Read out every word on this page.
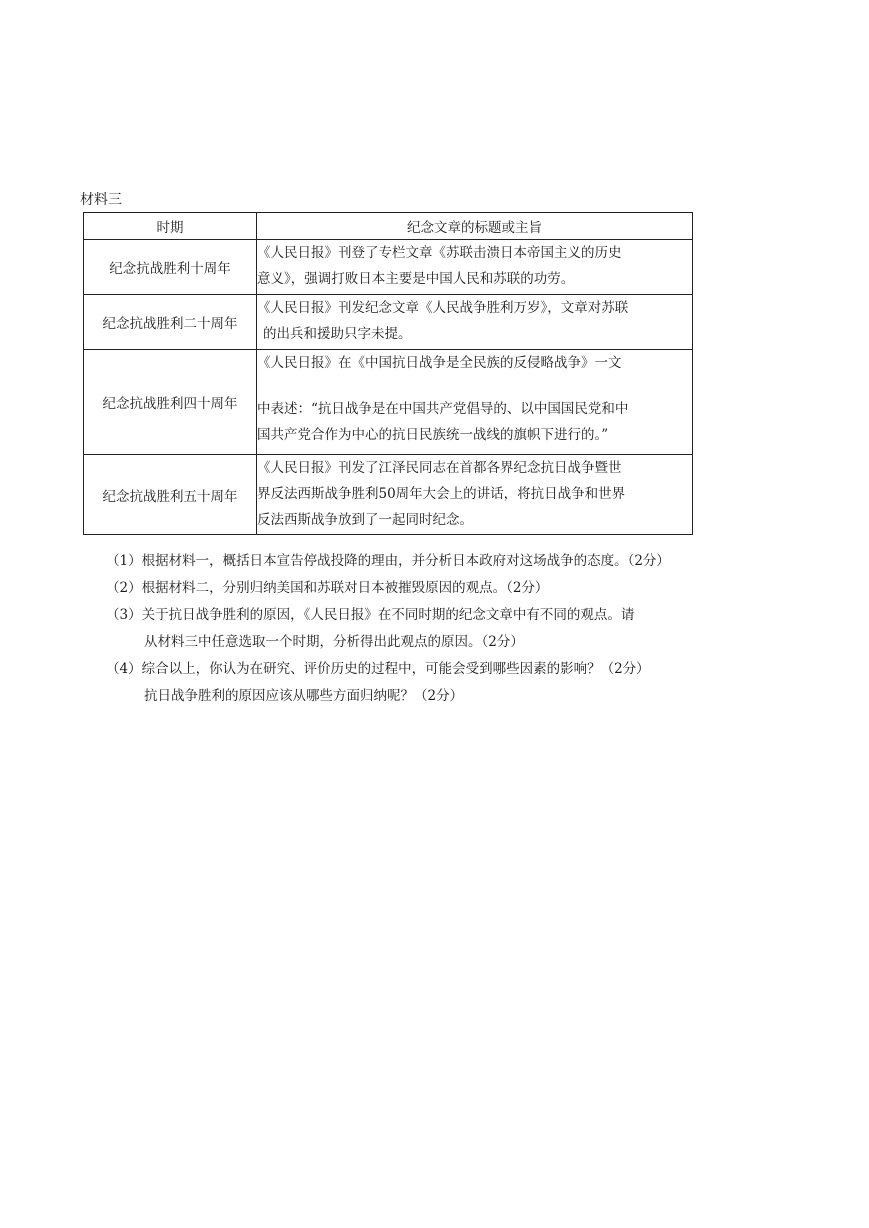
材料三
时期	纪念文章的标题或主旨
纪念抗战胜利十周年	《人民日报》刊登了专栏文章《苏联击溃日本帝国主义的历史
意义》，强调打败日本主要是中国人民和苏联的功劳。

纪念抗战胜利二十周年	《人民日报》刊发纪念文章《人民战争胜利万岁》，文章对苏联
的出兵和援助只字未提。

纪念抗战胜利四十周年	《人民日报》在《中国抗日战争是全民族的反侵略战争》一文
中表述：“抗日战争是在中国共产党倡导的、以中国国民党和中
国共产党合作为中心的抗日民族统一战线的旗帜下进行的。”

纪念抗战胜利五十周年	《人民日报》刊发了江泽民同志在首都各界纪念抗日战争暨世
界反法西斯战争胜利50周年大会上的讲话，将抗日战争和世界
反法西斯战争放到了一起同时纪念。
（1）根据材料一，概括日本宣告停战投降的理由，并分析日本政府对这场战争的态度。（2分）
（2）根据材料二，分别归纳美国和苏联对日本被摧毁原因的观点。（2分）
（3）关于抗日战争胜利的原因，《人民日报》在不同时期的纪念文章中有不同的观点。请
从材料三中任意选取一个时期，分析得出此观点的原因。（2分）
（4）综合以上，你认为在研究、评价历史的过程中，可能会受到哪些因素的影响？（2分）
抗日战争胜利的原因应该从哪些方面归纳呢？（2分）
